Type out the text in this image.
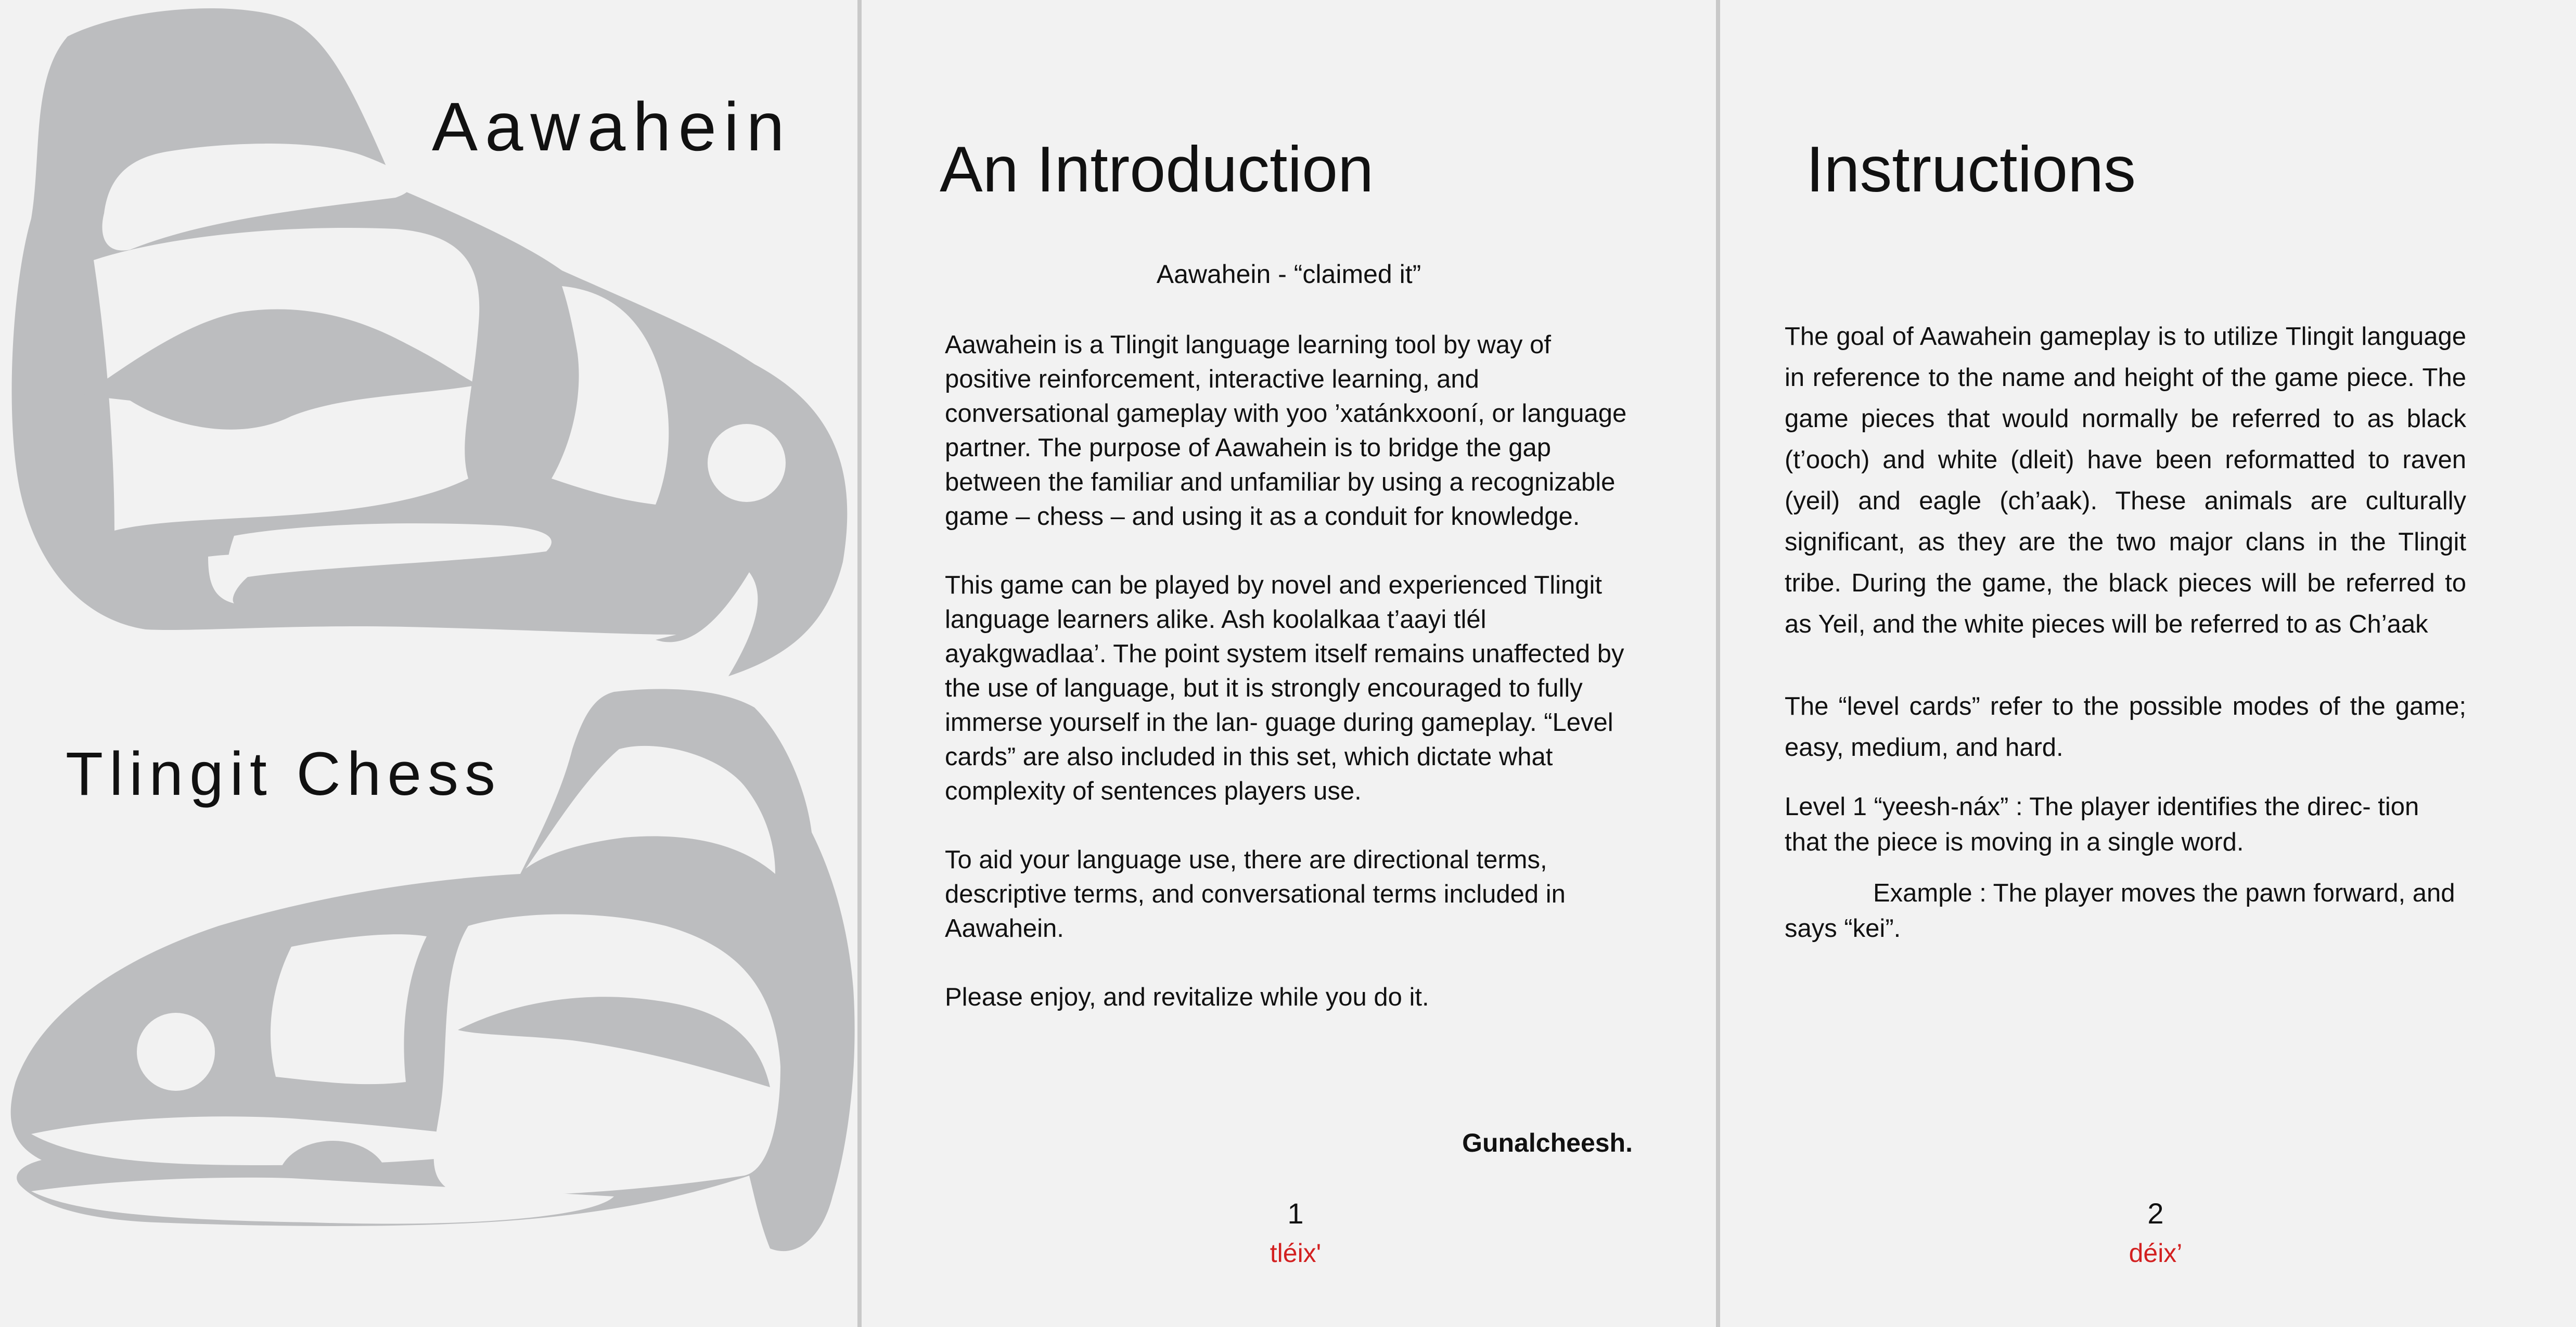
Aawahein
Tlingit Chess
An Introduction
Aawahein - “claimed it”

Aawahein is a Tlingit language learning tool by way of positive reinforcement, interactive learning, and conversational gameplay with yoo ’xatánkxooní, or language partner. The purpose of Aawahein is to bridge the gap between the familiar and unfamiliar by using a recognizable game – chess – and using it as a conduit for knowledge.

This game can be played by novel and experienced Tlingit language learners alike. Ash koolalkaa t’aayi tlél ayakgwadlaa’. The point system itself remains unaffected by the use of language, but it is strongly encouraged to fully immerse yourself in the lan- guage during gameplay. “Level cards” are also included in this set, which dictate what complexity of sentences players use.

To aid your language use, there are directional terms, descriptive terms, and conversational terms included in Aawahein.

Please enjoy, and revitalize while you do it.

Gunalcheesh.
1
tléix'
Instructions

The goal of Aawahein gameplay is to utilize Tlingit language in reference to the name and height of the game piece. The game pieces that would normally be referred to as black (t’ooch) and white (dleit) have been reformatted to raven (yeil) and eagle (ch’aak). These animals are culturally significant, as they are the two major clans in the Tlingit tribe. During the game, the black pieces will be referred to as Yeil, and the white pieces will be referred to as Ch’aak

The “level cards” refer to the possible modes of the game; easy, medium, and hard.

Level 1 “yeesh-náx” : The player identifies the direc- tion that the piece is moving in a single word.

Example : The player moves the pawn forward, and says “kei”.

2
déix’
